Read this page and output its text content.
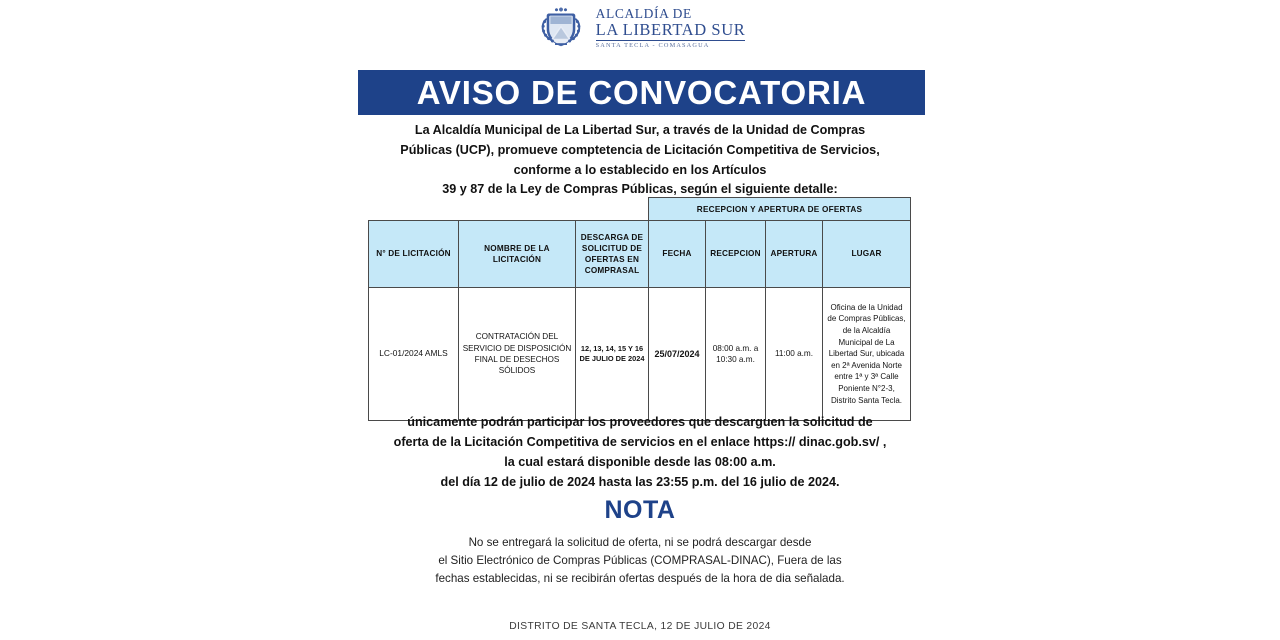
ALCALDÍA DE
LA LIBERTAD SUR
SANTA TECLA - COMASAGUA
AVISO DE CONVOCATORIA
La Alcaldía Municipal de La Libertad Sur, a través de la Unidad de Compras
Públicas (UCP), promueve comptetencia de Licitación Competitiva de Servicios,
conforme a lo establecido en los Artículos
39 y 87 de la Ley de Compras Públicas, según el siguiente detalle:
			RECEPCION Y APERTURA DE OFERTAS			
N° DE LICITACIÓN	NOMBRE DE LA LICITACIÓN	DESCARGA DE SOLICITUD DE OFERTAS EN COMPRASAL	FECHA	RECEPCION	APERTURA	LUGAR
LC-01/2024 AMLS	CONTRATACIÓN DEL SERVICIO DE DISPOSICIÓN FINAL DE DESECHOS SÓLIDOS	12, 13, 14, 15 Y 16 DE JULIO DE 2024	25/07/2024	08:00 a.m. a 10:30 a.m.	11:00 a.m.	Oficina de la Unidad de Compras Públicas, de la Alcaldía Municipal de La Libertad Sur, ubicada en 2ª Avenida Norte entre 1ª y 3ª Calle Poniente N°2-3, Distrito Santa Tecla.
únicamente podrán participar los proveedores que descarguen la solicitud de
oferta de la Licitación Competitiva de servicios en el enlace https:// dinac.gob.sv/ ,
la cual estará disponible desde las 08:00 a.m.
del día 12 de julio de 2024 hasta las 23:55 p.m. del 16 julio de 2024.
NOTA
No se entregará la solicitud de oferta, ni se podrá descargar desde
el Sitio Electrónico de Compras Públicas (COMPRASAL-DINAC), Fuera de las
fechas establecidas, ni se recibirán ofertas después de la hora de dia señalada.
DISTRITO DE SANTA TECLA, 12 DE JULIO DE 2024
